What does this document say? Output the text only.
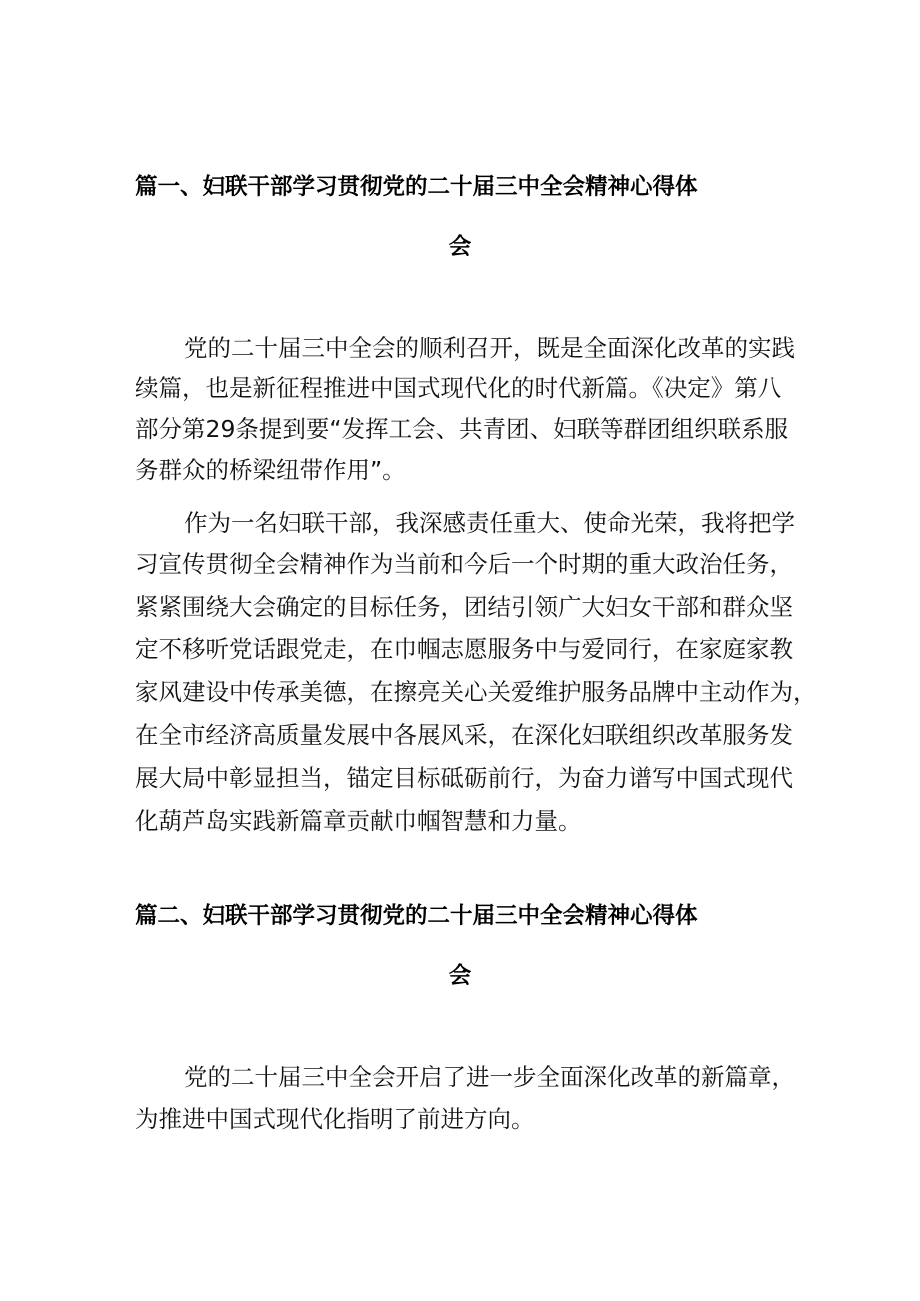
篇一、妇联干部学习贯彻党的二十届三中全会精神心得体

会

党的二十届三中全会的顺利召开，既是全面深化改革的实践

续篇，也是新征程推进中国式现代化的时代新篇。《决定》第八

部分第29条提到要“发挥工会、共青团、妇联等群团组织联系服

务群众的桥梁纽带作用”。

作为一名妇联干部，我深感责任重大、使命光荣，我将把学

习宣传贯彻全会精神作为当前和今后一个时期的重大政治任务，

紧紧围绕大会确定的目标任务，团结引领广大妇女干部和群众坚

定不移听党话跟党走，在巾帼志愿服务中与爱同行，在家庭家教

家风建设中传承美德，在擦亮关心关爱维护服务品牌中主动作为，

在全市经济高质量发展中各展风采，在深化妇联组织改革服务发

展大局中彰显担当，锚定目标砥砺前行，为奋力谱写中国式现代

化葫芦岛实践新篇章贡献巾帼智慧和力量。

篇二、妇联干部学习贯彻党的二十届三中全会精神心得体

会

党的二十届三中全会开启了进一步全面深化改革的新篇章，

为推进中国式现代化指明了前进方向。
